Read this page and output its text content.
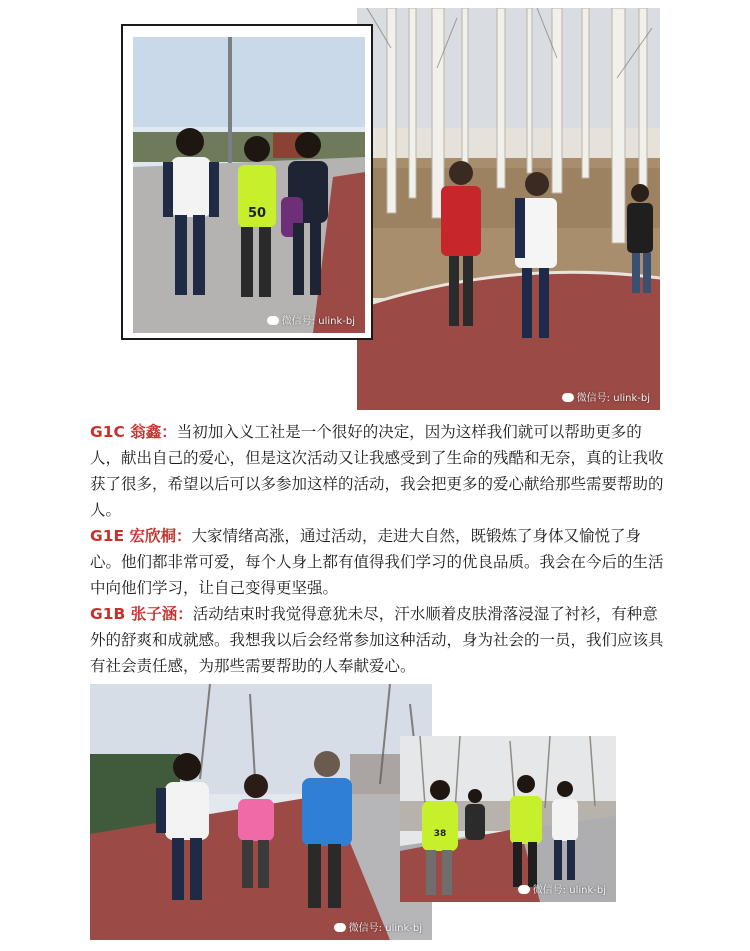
微信号: ulink-bj
50
微信号: ulink-bj

G1C 翁鑫：当初加入义工社是一个很好的决定，因为这样我们就可以帮助更多的人，献出自己的爱心，但是这次活动又让我感受到了生命的残酷和无奈，真的让我收获了很多，希望以后可以多参加这样的活动，我会把更多的爱心献给那些需要帮助的人。

G1E 宏欣桐：大家情绪高涨，通过活动，走进大自然，既锻炼了身体又愉悦了身心。他们都非常可爱，每个人身上都有值得我们学习的优良品质。我会在今后的生活中向他们学习，让自己变得更坚强。

G1B 张子涵：活动结束时我觉得意犹未尽，汗水顺着皮肤滑落浸湿了衬衫，有种意外的舒爽和成就感。我想我以后会经常参加这种活动，身为社会的一员，我们应该具有社会责任感，为那些需要帮助的人奉献爱心。

微信号: ulink-bj
38
微信号: ulink-bj
